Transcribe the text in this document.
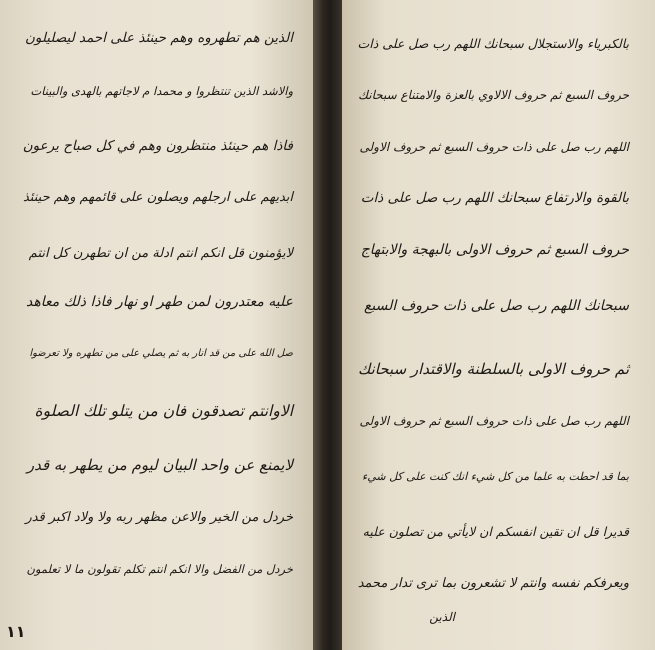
الذين هم تطهروه وهم حينئذ على احمد ليصليلون
والاشد الذين تنتظروا و محمدا م لاجاتهم بالهدى والبينات
فاذا هم حينئذ منتظرون وهم في كل صباح يرعون
ابديهم على ارجلهم ويصلون على قائمهم وهم حينئذ
لايؤمنون قل انكم انتم ادلة من ان تطهرن كل انتم
عليه معتدرون لمن طهر او نهار فاذا ذلك معاهد
صل الله على من قد انار به ثم يصلي على من تطهره ولا تعرضوا
الاوانتم تصدقون فان من يتلو تلك الصلوة
لايمنع عن واحد البيان ليوم من يطهر به قدر
خردل من الخير والاعن مظهر ربه ولا ولاد اكبر قدر
خردل من الفضل والا انكم انتم تكلم تقولون ما لا تعلمون
١١
بالكبرياء والاستجلال سبحانك اللهم رب صل على ذات
حروف السبع ثم حروف الالاوي بالعزة والامتناع سبحانك
اللهم رب صل على ذات حروف السبع ثم حروف الاولى
بالقوة والارتفاع سبحانك اللهم رب صل على ذات
حروف السبع ثم حروف الاولى بالبهجة والابتهاج
سبحانك اللهم رب صل على ذات حروف السبع
ثم حروف الاولى بالسلطنة والاقتدار سبحانك
اللهم رب صل على ذات حروف السبع ثم حروف الاولى
بما قد احطت به علما من كل شيء انك كنت على كل شيء
قديرا قل ان تقين انفسكم ان لايأتي من تصلون عليه
ويعرفكم نفسه وانتم لا تشعرون بما ترى تدار محمد
الذين
